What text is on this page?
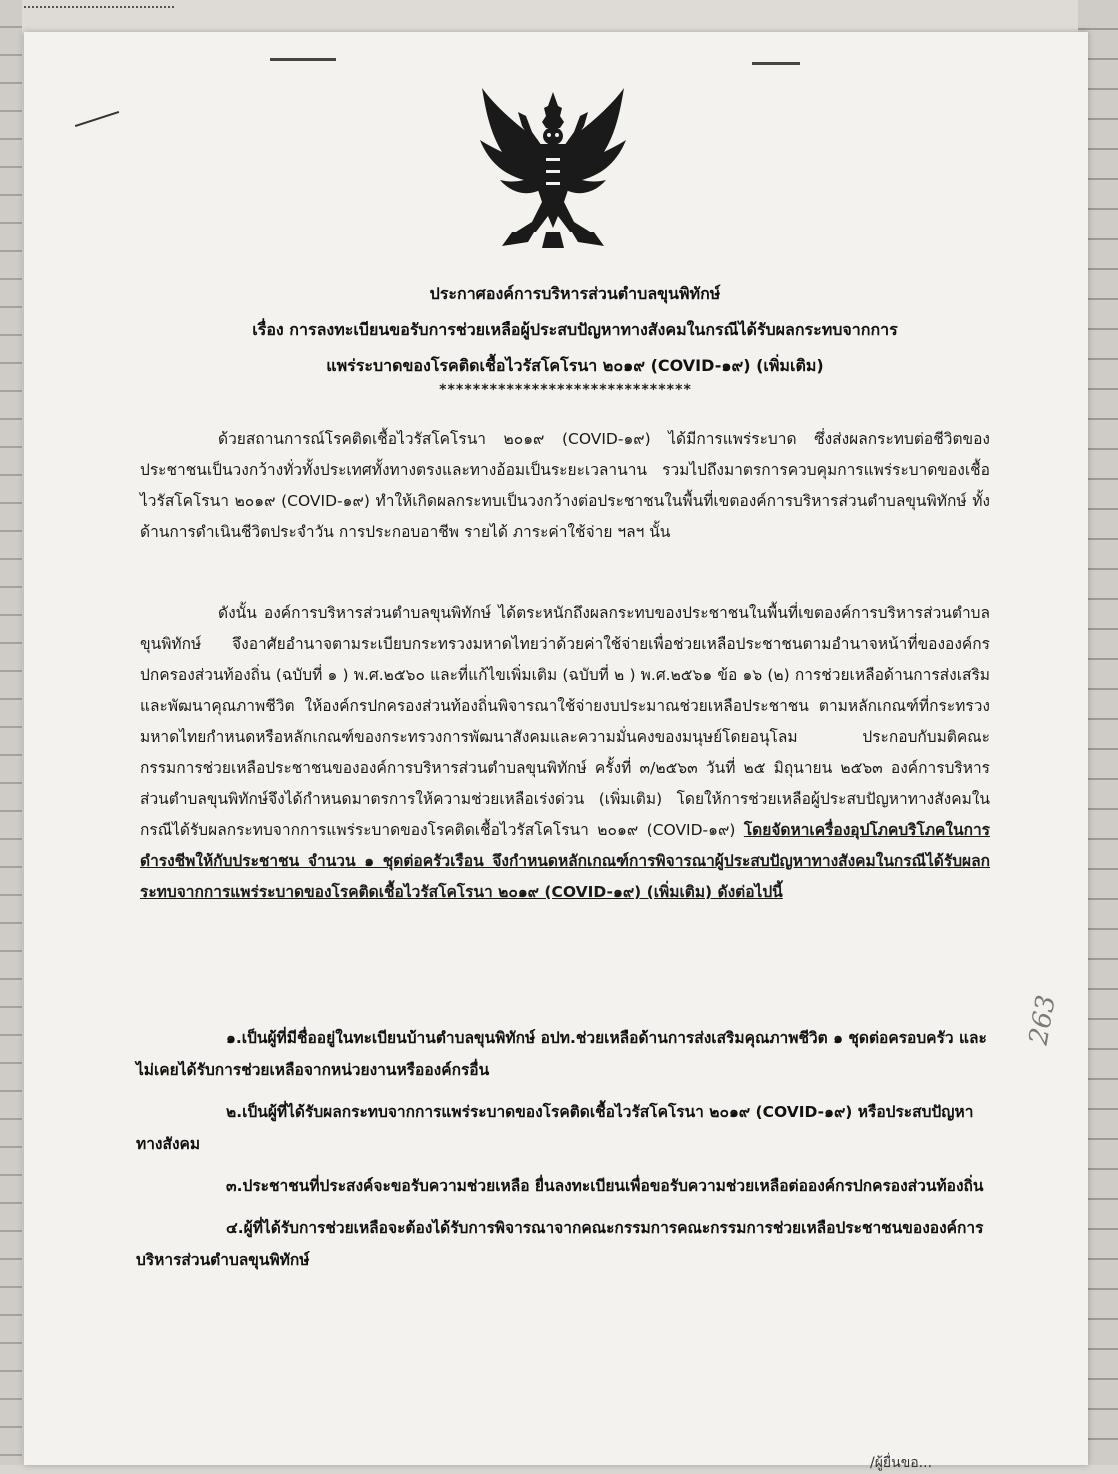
ประกาศองค์การบริหารส่วนตำบลขุนพิทักษ์
เรื่อง การลงทะเบียนขอรับการช่วยเหลือผู้ประสบปัญหาทางสังคมในกรณีได้รับผลกระทบจากการ
แพร่ระบาดของโรคติดเชื้อไวรัสโคโรนา ๒๐๑๙ (COVID-๑๙) (เพิ่มเติม)
******************************
ด้วยสถานการณ์โรคติดเชื้อไวรัสโคโรนา ๒๐๑๙ (COVID-๑๙) ได้มีการแพร่ระบาด ซึ่งส่งผลกระทบต่อชีวิตของประชาชนเป็นวงกว้างทั่วทั้งประเทศทั้งทางตรงและทางอ้อมเป็นระยะเวลานาน รวมไปถึงมาตรการควบคุมการแพร่ระบาดของเชื้อไวรัสโคโรนา ๒๐๑๙ (COVID-๑๙) ทำให้เกิดผลกระทบเป็นวงกว้างต่อประชาชนในพื้นที่เขตองค์การบริหารส่วนตำบลขุนพิทักษ์ ทั้งด้านการดำเนินชีวิตประจำวัน การประกอบอาชีพ รายได้ ภาระค่าใช้จ่าย ฯลฯ นั้น
ดังนั้น องค์การบริหารส่วนตำบลขุนพิทักษ์ ได้ตระหนักถึงผลกระทบของประชาชนในพื้นที่เขตองค์การบริหารส่วนตำบลขุนพิทักษ์ จึงอาศัยอำนาจตามระเบียบกระทรวงมหาดไทยว่าด้วยค่าใช้จ่ายเพื่อช่วยเหลือประชาชนตามอำนาจหน้าที่ขององค์กรปกครองส่วนท้องถิ่น (ฉบับที่ ๑ ) พ.ศ.๒๕๖๐ และที่แก้ไขเพิ่มเติม (ฉบับที่ ๒ ) พ.ศ.๒๕๖๑ ข้อ ๑๖ (๒) การช่วยเหลือด้านการส่งเสริมและพัฒนาคุณภาพชีวิต ให้องค์กรปกครองส่วนท้องถิ่นพิจารณาใช้จ่ายงบประมาณช่วยเหลือประชาชน ตามหลักเกณฑ์ที่กระทรวงมหาดไทยกำหนดหรือหลักเกณฑ์ของกระทรวงการพัฒนาสังคมและความมั่นคงของมนุษย์โดยอนุโลม ประกอบกับมติคณะกรรมการช่วยเหลือประชาชนขององค์การบริหารส่วนตำบลขุนพิทักษ์ ครั้งที่ ๓/๒๕๖๓ วันที่ ๒๕ มิถุนายน ๒๕๖๓ องค์การบริหารส่วนตำบลขุนพิทักษ์จึงได้กำหนดมาตรการให้ความช่วยเหลือเร่งด่วน (เพิ่มเติม) โดยให้การช่วยเหลือผู้ประสบปัญหาทางสังคมในกรณีได้รับผลกระทบจากการแพร่ระบาดของโรคติดเชื้อไวรัสโคโรนา ๒๐๑๙ (COVID-๑๙) โดยจัดหาเครื่องอุปโภคบริโภคในการดำรงชีพให้กับประชาชน จำนวน ๑ ชุดต่อครัวเรือน จึงกำหนดหลักเกณฑ์การพิจารณาผู้ประสบปัญหาทางสังคมในกรณีได้รับผลกระทบจากการแพร่ระบาดของโรคติดเชื้อไวรัสโคโรนา ๒๐๑๙ (COVID-๑๙) (เพิ่มเติม) ดังต่อไปนี้
๑.เป็นผู้ที่มีชื่ออยู่ในทะเบียนบ้านตำบลขุนพิทักษ์ อปท.ช่วยเหลือด้านการส่งเสริมคุณภาพชีวิต ๑ ชุดต่อครอบครัว และไม่เคยได้รับการช่วยเหลือจากหน่วยงานหรือองค์กรอื่น
๒.เป็นผู้ที่ได้รับผลกระทบจากการแพร่ระบาดของโรคติดเชื้อไวรัสโคโรนา ๒๐๑๙ (COVID-๑๙) หรือประสบปัญหาทางสังคม
๓.ประชาชนที่ประสงค์จะขอรับความช่วยเหลือ ยื่นลงทะเบียนเพื่อขอรับความช่วยเหลือต่อองค์กรปกครองส่วนท้องถิ่น
๔.ผู้ที่ได้รับการช่วยเหลือจะต้องได้รับการพิจารณาจากคณะกรรมการคณะกรรมการช่วยเหลือประชาชนขององค์การบริหารส่วนตำบลขุนพิทักษ์
263
/ผู้ยื่นขอ...
